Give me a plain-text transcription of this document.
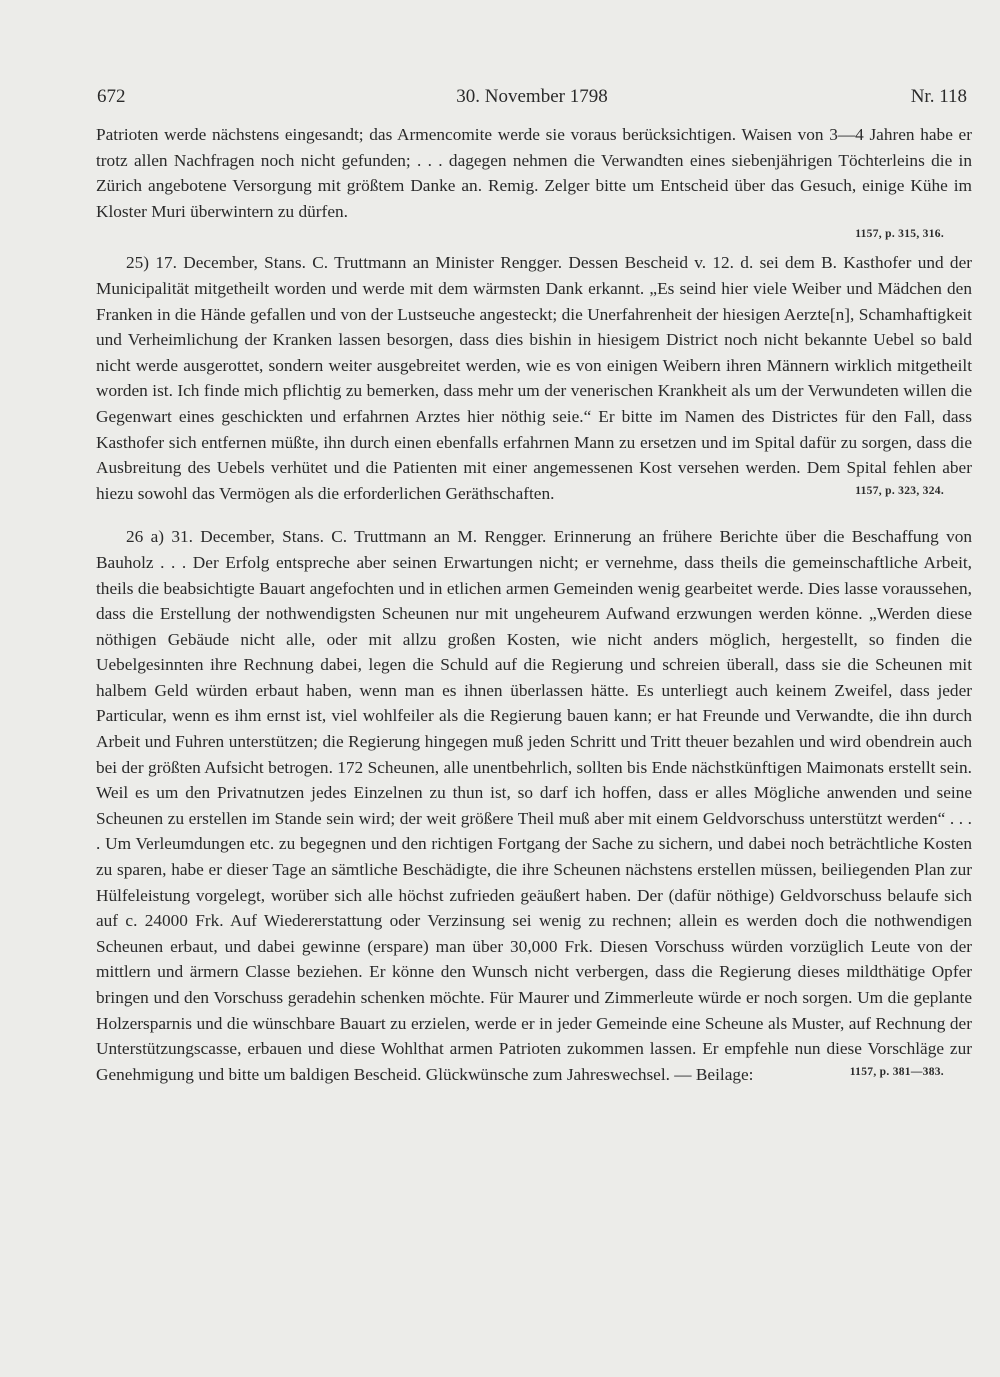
672	30. November 1798	Nr. 118

Patrioten werde nächstens eingesandt; das Armencomite werde sie voraus berücksichtigen. Waisen von 3—4 Jahren habe er trotz allen Nachfragen noch nicht gefunden; . . . dagegen nehmen die Verwandten eines siebenjährigen Töchterleins die in Zürich angebotene Versorgung mit größtem Danke an. Remig. Zelger bitte um Entscheid über das Gesuch, einige Kühe im Kloster Muri überwintern zu dürfen.

1157, p. 315, 316.

25) 17. December, Stans. C. Truttmann an Minister Rengger. Dessen Bescheid v. 12. d. sei dem B. Kasthofer und der Municipalität mitgetheilt worden und werde mit dem wärmsten Dank erkannt. „Es seind hier viele Weiber und Mädchen den Franken in die Hände gefallen und von der Lustseuche angesteckt; die Unerfahrenheit der hiesigen Aerzte[n], Schamhaftigkeit und Verheimlichung der Kranken lassen besorgen, dass dies bishin in hiesigem District noch nicht bekannte Uebel so bald nicht werde ausgerottet, sondern weiter ausgebreitet werden, wie es von einigen Weibern ihren Männern wirklich mitgetheilt worden ist. Ich finde mich pflichtig zu bemerken, dass mehr um der venerischen Krankheit als um der Verwundeten willen die Gegenwart eines geschickten und erfahrnen Arztes hier nöthig seie.“ Er bitte im Namen des Districtes für den Fall, dass Kasthofer sich entfernen müßte, ihn durch einen ebenfalls erfahrnen Mann zu ersetzen und im Spital dafür zu sorgen, dass die Ausbreitung des Uebels verhütet und die Patienten mit einer angemessenen Kost versehen werden. Dem Spital fehlen aber hiezu sowohl das Vermögen als die erforderlichen Geräthschaften.	1157, p. 323, 324.

26 a) 31. December, Stans. C. Truttmann an M. Rengger. Erinnerung an frühere Berichte über die Beschaffung von Bauholz . . . Der Erfolg entspreche aber seinen Erwartungen nicht; er vernehme, dass theils die gemeinschaftliche Arbeit, theils die beabsichtigte Bauart angefochten und in etlichen armen Gemeinden wenig gearbeitet werde. Dies lasse voraussehen, dass die Erstellung der nothwendigsten Scheunen nur mit ungeheurem Aufwand erzwungen werden könne. „Werden diese nöthigen Gebäude nicht alle, oder mit allzu großen Kosten, wie nicht anders möglich, hergestellt, so finden die Uebelgesinnten ihre Rechnung dabei, legen die Schuld auf die Regierung und schreien überall, dass sie die Scheunen mit halbem Geld würden erbaut haben, wenn man es ihnen überlassen hätte. Es unterliegt auch keinem Zweifel, dass jeder Particular, wenn es ihm ernst ist, viel wohlfeiler als die Regierung bauen kann; er hat Freunde und Verwandte, die ihn durch Arbeit und Fuhren unterstützen; die Regierung hingegen muß jeden Schritt und Tritt theuer bezahlen und wird obendrein auch bei der größten Aufsicht betrogen. 172 Scheunen, alle unentbehrlich, sollten bis Ende nächstkünftigen Maimonats erstellt sein. Weil es um den Privatnutzen jedes Einzelnen zu thun ist, so darf ich hoffen, dass er alles Mögliche anwenden und seine Scheunen zu erstellen im Stande sein wird; der weit größere Theil muß aber mit einem Geldvorschuss unterstützt werden“ . . . . Um Verleumdungen etc. zu begegnen und den richtigen Fortgang der Sache zu sichern, und dabei noch beträchtliche Kosten zu sparen, habe er dieser Tage an sämtliche Beschädigte, die ihre Scheunen nächstens erstellen müssen, beiliegenden Plan zur Hülfeleistung vorgelegt, worüber sich alle höchst zufrieden geäußert haben. Der (dafür nöthige) Geldvorschuss belaufe sich auf c. 24000 Frk. Auf Wiedererstattung oder Verzinsung sei wenig zu rechnen; allein es werden doch die nothwendigen Scheunen erbaut, und dabei gewinne (erspare) man über 30,000 Frk. Diesen Vorschuss würden vorzüglich Leute von der mittlern und ärmern Classe beziehen. Er könne den Wunsch nicht verbergen, dass die Regierung dieses mildthätige Opfer bringen und den Vorschuss geradehin schenken möchte. Für Maurer und Zimmerleute würde er noch sorgen. Um die geplante Holzersparnis und die wünschbare Bauart zu erzielen, werde er in jeder Gemeinde eine Scheune als Muster, auf Rechnung der Unterstützungscasse, erbauen und diese Wohlthat armen Patrioten zukommen lassen. Er empfehle nun diese Vorschläge zur Genehmigung und bitte um baldigen Bescheid. Glückwünsche zum Jahreswechsel. — Beilage:	1157, p. 381—383.
